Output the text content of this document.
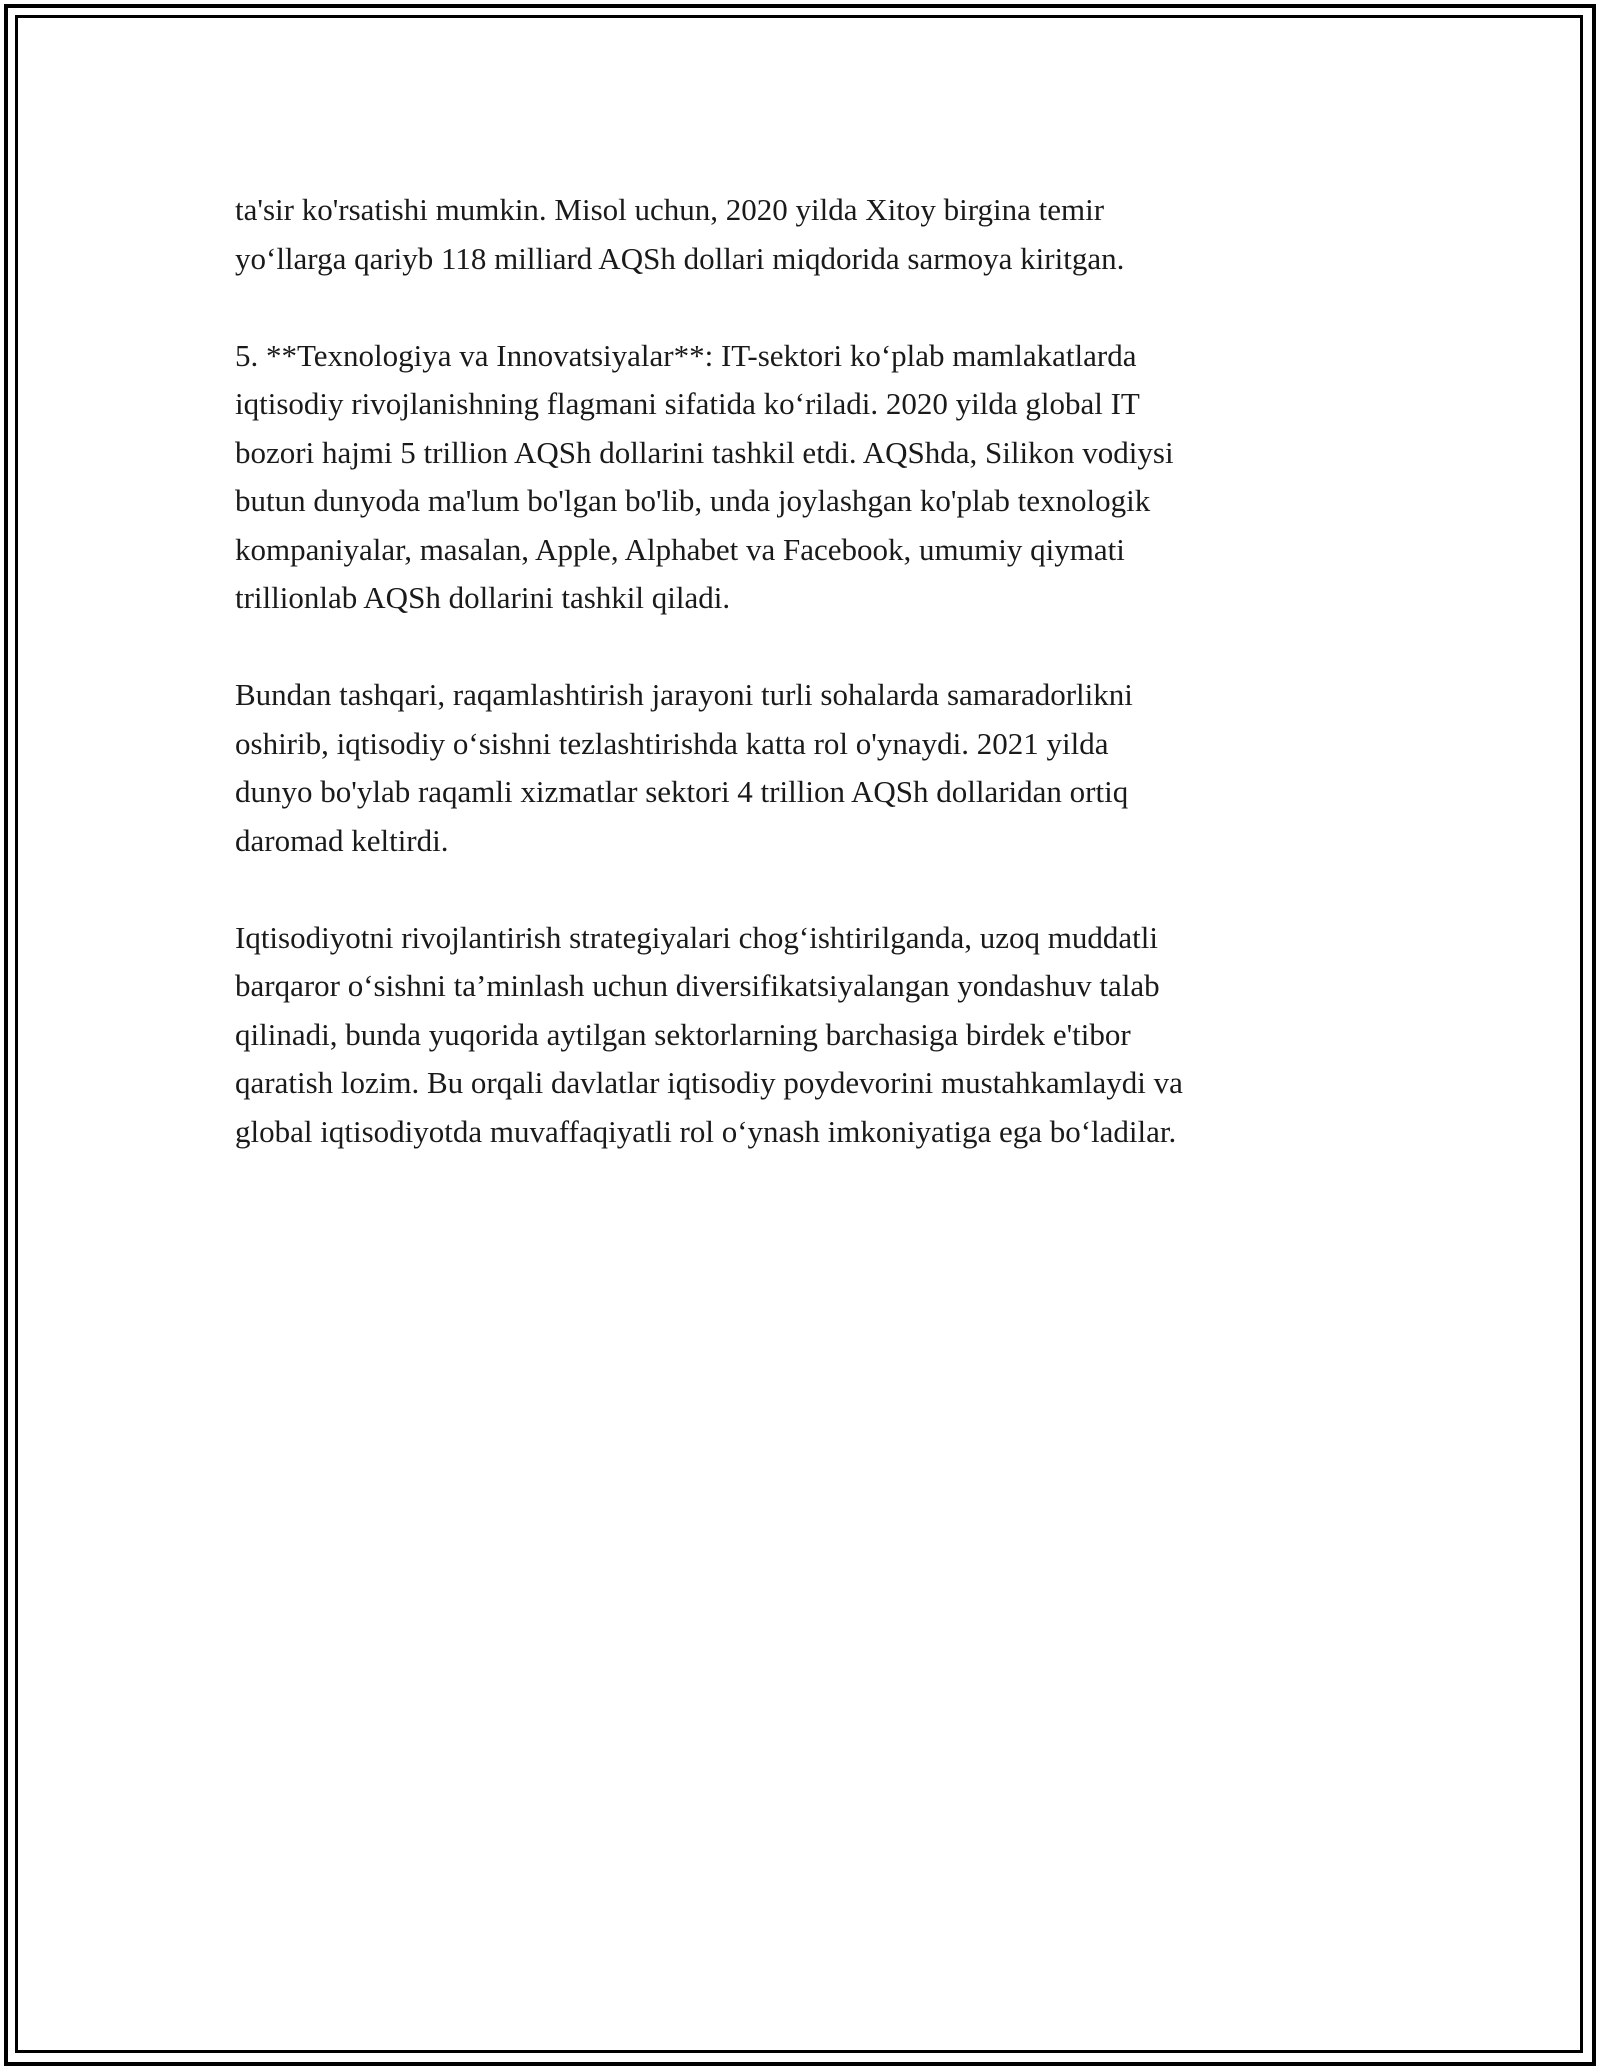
ta'sir ko'rsatishi mumkin. Misol uchun, 2020 yilda Xitoy birgina temir
yo‘llarga qariyb 118 milliard AQSh dollari miqdorida sarmoya kiritgan.

5. **Texnologiya va Innovatsiyalar**: IT-sektori ko‘plab mamlakatlarda
iqtisodiy rivojlanishning flagmani sifatida ko‘riladi. 2020 yilda global IT
bozori hajmi 5 trillion AQSh dollarini tashkil etdi. AQShda, Silikon vodiysi
butun dunyoda ma'lum bo'lgan bo'lib, unda joylashgan ko'plab texnologik
kompaniyalar, masalan, Apple, Alphabet va Facebook, umumiy qiymati
trillionlab AQSh dollarini tashkil qiladi.

Bundan tashqari, raqamlashtirish jarayoni turli sohalarda samaradorlikni
oshirib, iqtisodiy o‘sishni tezlashtirishda katta rol o'ynaydi. 2021 yilda
dunyo bo'ylab raqamli xizmatlar sektori 4 trillion AQSh dollaridan ortiq
daromad keltirdi.

Iqtisodiyotni rivojlantirish strategiyalari chog‘ishtirilganda, uzoq muddatli
barqaror o‘sishni ta’minlash uchun diversifikatsiyalangan yondashuv talab
qilinadi, bunda yuqorida aytilgan sektorlarning barchasiga birdek e'tibor
qaratish lozim. Bu orqali davlatlar iqtisodiy poydevorini mustahkamlaydi va
global iqtisodiyotda muvaffaqiyatli rol o‘ynash imkoniyatiga ega bo‘ladilar.
